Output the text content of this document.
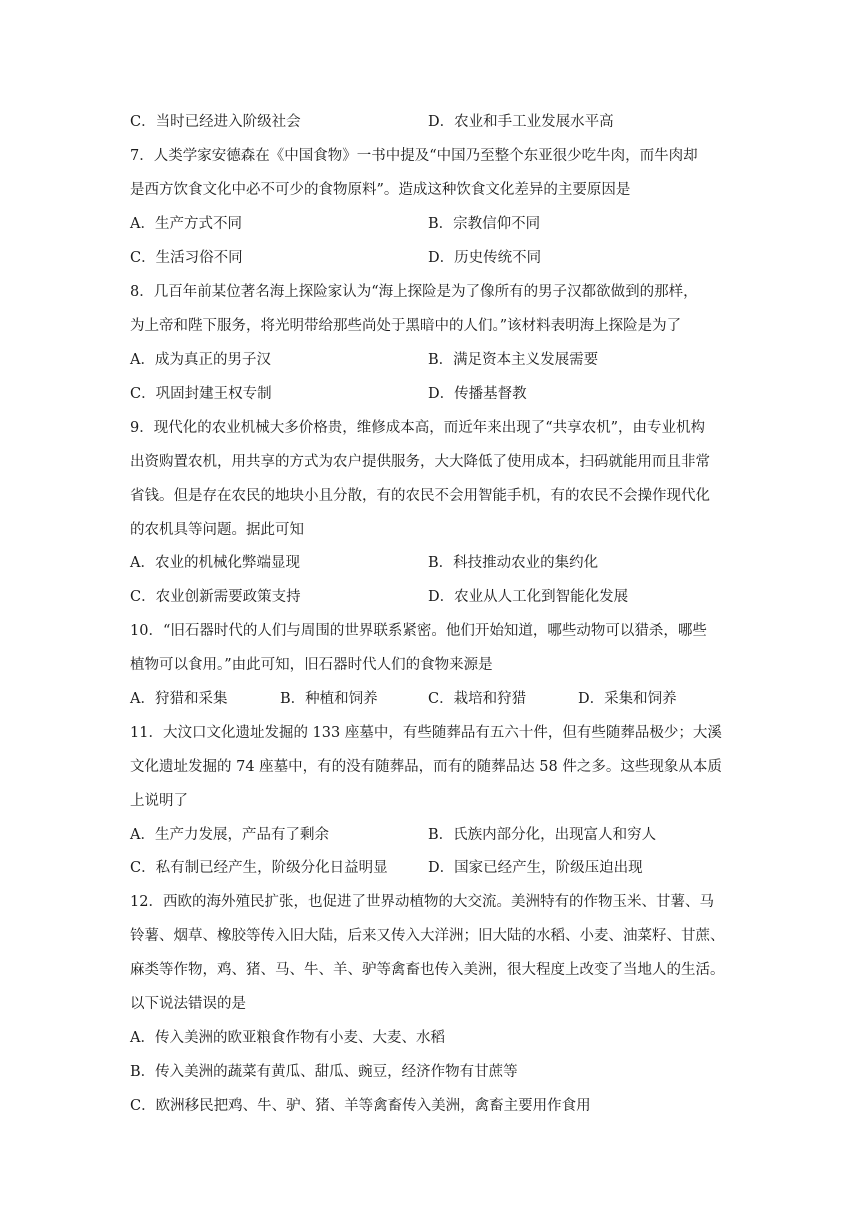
C．当时已经进入阶级社会	D．农业和手工业发展水平高
7．人类学家安德森在《中国食物》一书中提及“中国乃至整个东亚很少吃牛肉，而牛肉却
是西方饮食文化中必不可少的食物原料”。造成这种饮食文化差异的主要原因是
A．生产方式不同	B．宗教信仰不同
C．生活习俗不同	D．历史传统不同
8．几百年前某位著名海上探险家认为“海上探险是为了像所有的男子汉都欲做到的那样，
为上帝和陛下服务，将光明带给那些尚处于黑暗中的人们。”该材料表明海上探险是为了
A．成为真正的男子汉	B．满足资本主义发展需要
C．巩固封建王权专制	D．传播基督教
9．现代化的农业机械大多价格贵，维修成本高，而近年来出现了“共享农机”，由专业机构
出资购置农机，用共享的方式为农户提供服务，大大降低了使用成本，扫码就能用而且非常
省钱。但是存在农民的地块小且分散，有的农民不会用智能手机，有的农民不会操作现代化
的农机具等问题。据此可知
A．农业的机械化弊端显现	B．科技推动农业的集约化
C．农业创新需要政策支持	D．农业从人工化到智能化发展
10．“旧石器时代的人们与周围的世界联系紧密。他们开始知道，哪些动物可以猎杀，哪些
植物可以食用。”由此可知，旧石器时代人们的食物来源是
A．狩猎和采集	B．种植和饲养	C．栽培和狩猎	D．采集和饲养
11．大汶口文化遗址发掘的 133 座墓中，有些随葬品有五六十件，但有些随葬品极少；大溪
文化遗址发掘的 74 座墓中，有的没有随葬品，而有的随葬品达 58 件之多。这些现象从本质
上说明了
A．生产力发展，产品有了剩余	B．氏族内部分化，出现富人和穷人
C．私有制已经产生，阶级分化日益明显	D．国家已经产生，阶级压迫出现
12．西欧的海外殖民扩张，也促进了世界动植物的大交流。美洲特有的作物玉米、甘薯、马
铃薯、烟草、橡胶等传入旧大陆，后来又传入大洋洲；旧大陆的水稻、小麦、油菜籽、甘蔗、
麻类等作物，鸡、猪、马、牛、羊、驴等禽畜也传入美洲，很大程度上改变了当地人的生活。
以下说法错误的是
A．传入美洲的欧亚粮食作物有小麦、大麦、水稻
B．传入美洲的蔬菜有黄瓜、甜瓜、豌豆，经济作物有甘蔗等
C．欧洲移民把鸡、牛、驴、猪、羊等禽畜传入美洲，禽畜主要用作食用
